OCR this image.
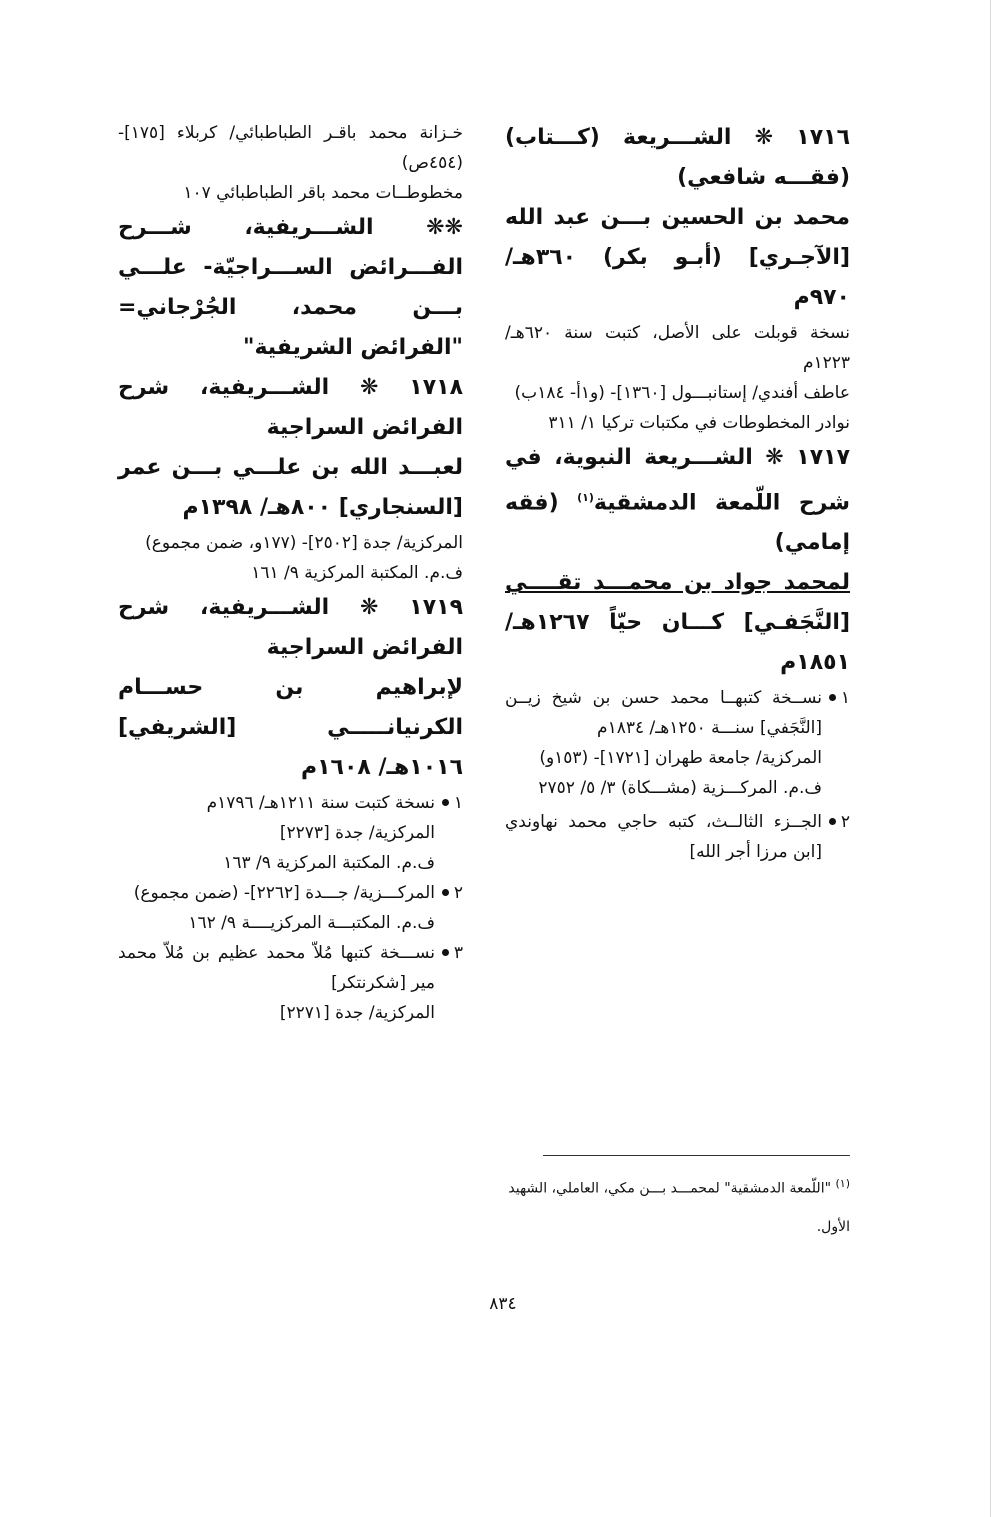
١٧١٦ ❋ الشـــريعة (كـــتاب) (فقـــه شافعي)

محمد بن الحسين بـــن عبد الله [الآجـري] (أبـو بكر) ٣٦٠هـ/ ٩٧٠م

نسخة قوبلت على الأصل، كتبت سنة ٦٢٠هـ/ ١٢٢٣م

عاطف أفندي/ إستانبـــول [١٣٦٠]- (و١أ- ١٨٤ب)

نوادر المخطوطات في مكتبات تركيا ١/ ٣١١

١٧١٧ ❋ الشـــريعة النبوية، في شرح اللّمعة الدمشقية$^{(١)}$ (فقه إمامي)

لمحمد جواد بن محمـــد تقــــي [النَّجَفـي] كـــان حيّاً ١٢٦٧هـ/ ١٨٥١م

١

نســخة كتبهــا محمد حسن بن شيخ زيــن [النَّجَفي] سنـــة ١٢٥٠هـ/ ١٨٣٤م

المركزية/ جامعة طهران [١٧٢١]- (١٥٣و)

ف.م. المركـــزية (مشـــكاة) ٣/ ٥/ ٢٧٥٢

٢

الجــزء الثالــث، كتبه حاجي محمد نهاوندي [ابن مرزا أجر الله]

خـزانة محمد باقـر الطباطبائي/ كربلاء [١٧٥]- (٤٥٤ص)

مخطوطــات محمد باقر الطباطبائي ١٠٧

❋❋ الشـــريفية، شـــرح الفـــرائض الســـراجيّة- علـــي بـــن محمد، الجُرْجاني= "الفرائض الشريفية"

١٧١٨ ❋ الشـــريفية، شرح الفرائض السراجية

لعبـــد الله بن علـــي بـــن عمر [السنجاري] ٨٠٠هـ/ ١٣٩٨م

المركزية/ جدة [٢٥٠٢]- (١٧٧و، ضمن مجموع)

ف.م. المكتبة المركزية ٩/ ١٦١

١٧١٩ ❋ الشـــريفية، شرح الفرائض السراجية

لإبراهيم بن حســـام الكرنيانـــــي [الشريفي] ١٠١٦هـ/ ١٦٠٨م

١

نسخة كتبت سنة ١٢١١هـ/ ١٧٩٦م

المركزية/ جدة [٢٢٧٣]

ف.م. المكتبة المركزية ٩/ ١٦٣

٢

المركـــزية/ جـــدة [٢٢٦٢]- (ضمن مجموع)

ف.م. المكتبـــة المركزيــــة ٩/ ١٦٢

٣

نســـخة كتبها مُلاّ محمد عظيم بن مُلاّ محمد مير [شكرنتكر]

المركزية/ جدة [٢٢٧١]

$^{(١)}$ "اللّمعة الدمشقية" لمحمـــد بـــن مكي، العاملي، الشهيد الأول.
٨٣٤
